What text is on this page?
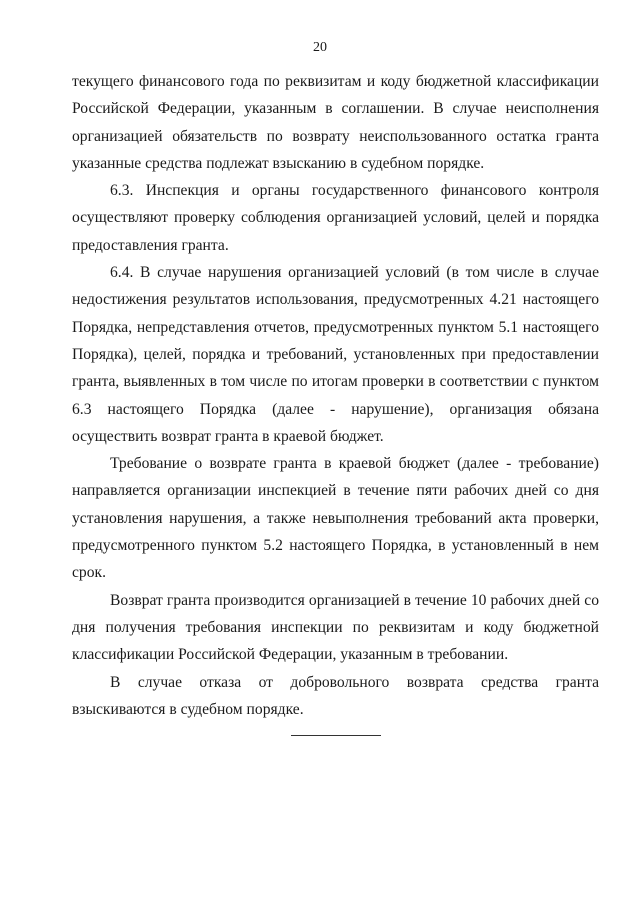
20

текущего финансового года по реквизитам и коду бюджетной классификации Российской Федерации, указанным в соглашении. В случае неисполнения организацией обязательств по возврату неиспользованного остатка гранта указанные средства подлежат взысканию в судебном порядке.

6.3. Инспекция и органы государственного финансового контроля осуществляют проверку соблюдения организацией условий, целей и порядка предоставления гранта.

6.4. В случае нарушения организацией условий (в том числе в случае недостижения результатов использования, предусмотренных 4.21 настоящего Порядка, непредставления отчетов, предусмотренных пунктом 5.1 настоящего Порядка), целей, порядка и требований, установленных при предоставлении гранта, выявленных в том числе по итогам проверки в соответствии с пунктом 6.3 настоящего Порядка (далее - нарушение), организация обязана осуществить возврат гранта в краевой бюджет.

Требование о возврате гранта в краевой бюджет (далее - требование) направляется организации инспекцией в течение пяти рабочих дней со дня установления нарушения, а также невыполнения требований акта проверки, предусмотренного пунктом 5.2 настоящего Порядка, в установленный в нем срок.

Возврат гранта производится организацией в течение 10 рабочих дней со дня получения требования инспекции по реквизитам и коду бюджетной классификации Российской Федерации, указанным в требовании.

В случае отказа от добровольного возврата средства гранта взыскиваются в судебном порядке.
